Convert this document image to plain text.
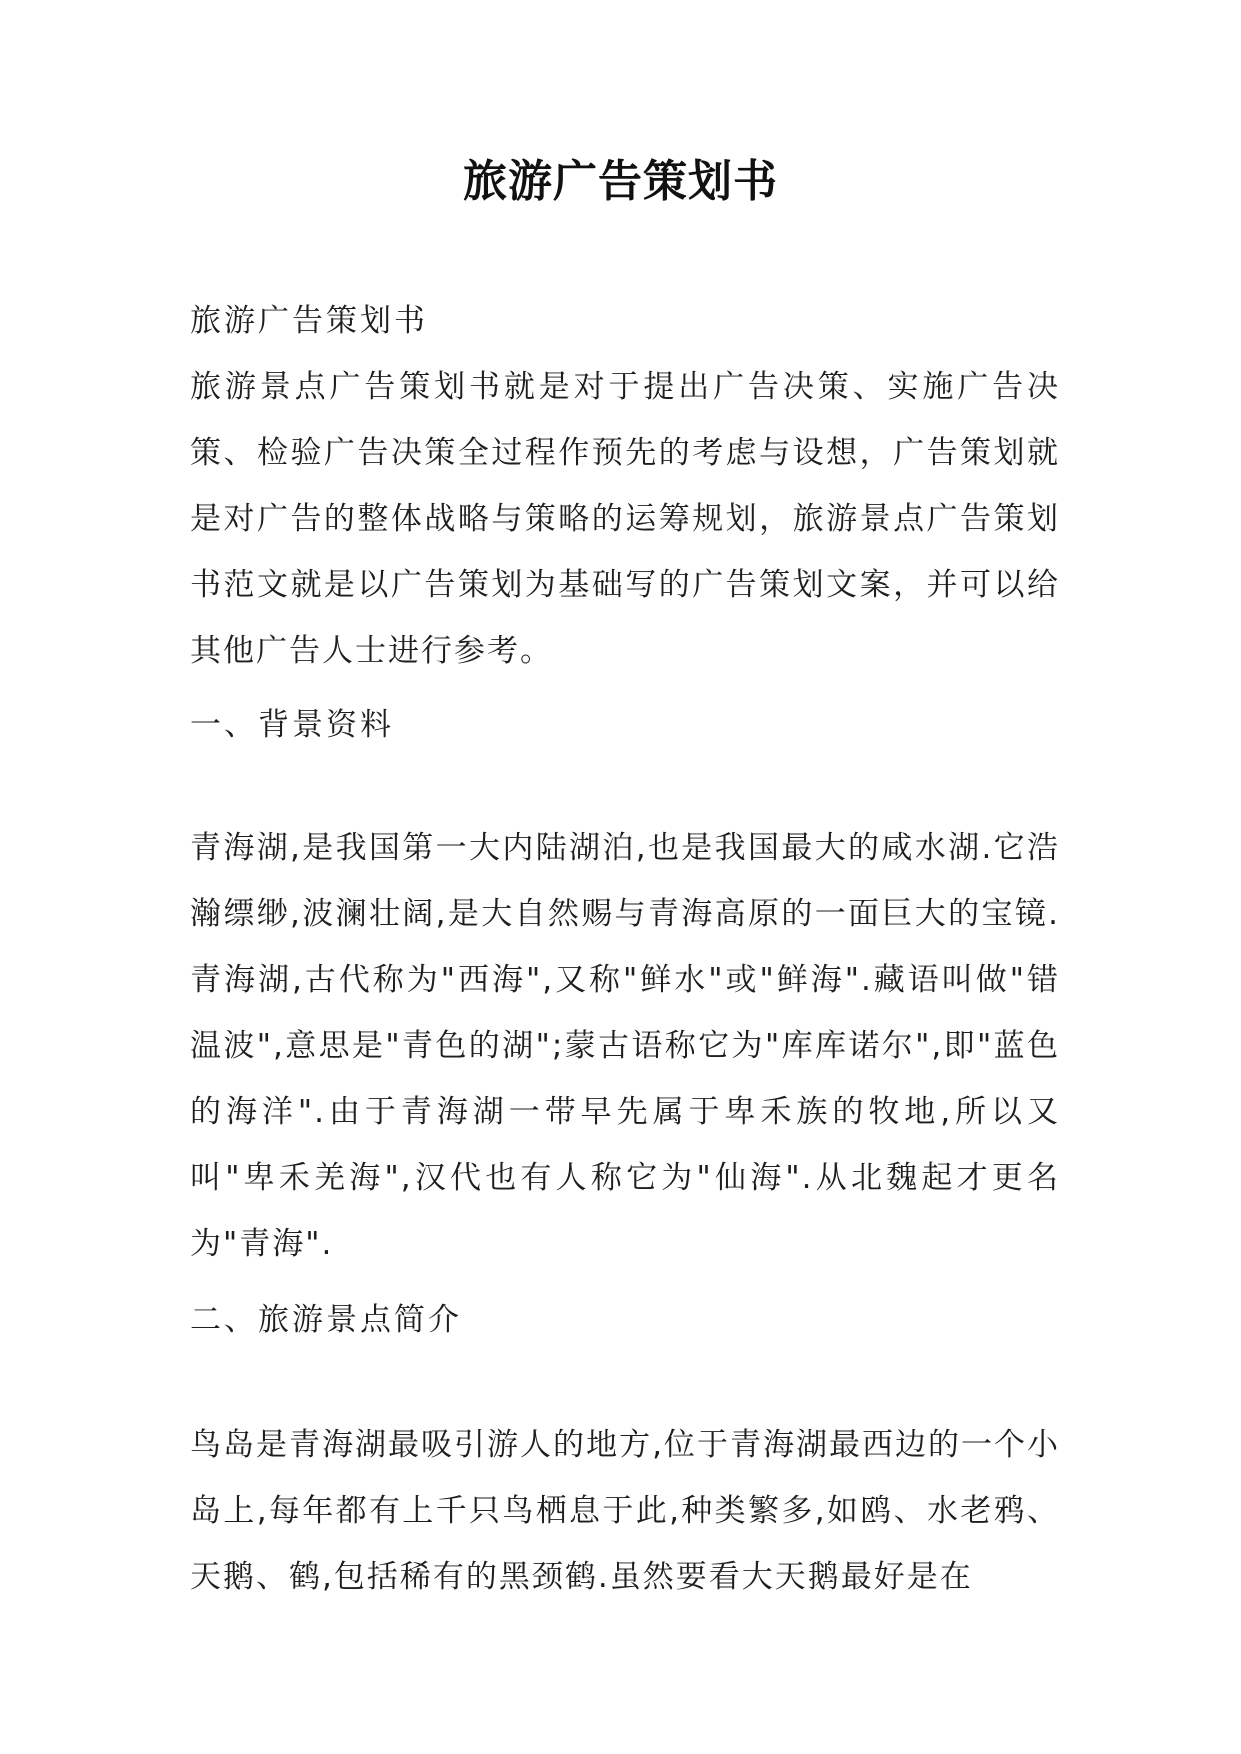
旅游广告策划书
旅游广告策划书

旅游景点广告策划书就是对于提出广告决策、实施广告决策、检验广告决策全过程作预先的考虑与设想，广告策划就是对广告的整体战略与策略的运筹规划，旅游景点广告策划书范文就是以广告策划为基础写的广告策划文案，并可以给其他广告人士进行参考。

一、背景资料

青海湖,是我国第一大内陆湖泊,也是我国最大的咸水湖.它浩瀚缥缈,波澜壮阔,是大自然赐与青海高原的一面巨大的宝镜.青海湖,古代称为"西海",又称"鲜水"或"鲜海".藏语叫做"错温波",意思是"青色的湖";蒙古语称它为"库库诺尔",即"蓝色的海洋".由于青海湖一带早先属于卑禾族的牧地,所以又叫"卑禾羌海",汉代也有人称它为"仙海".从北魏起才更名为"青海".

二、旅游景点简介

鸟岛是青海湖最吸引游人的地方,位于青海湖最西边的一个小岛上,每年都有上千只鸟栖息于此,种类繁多,如鸥、水老鸦、天鹅、鹤,包括稀有的黑颈鹤.虽然要看大天鹅最好是在
